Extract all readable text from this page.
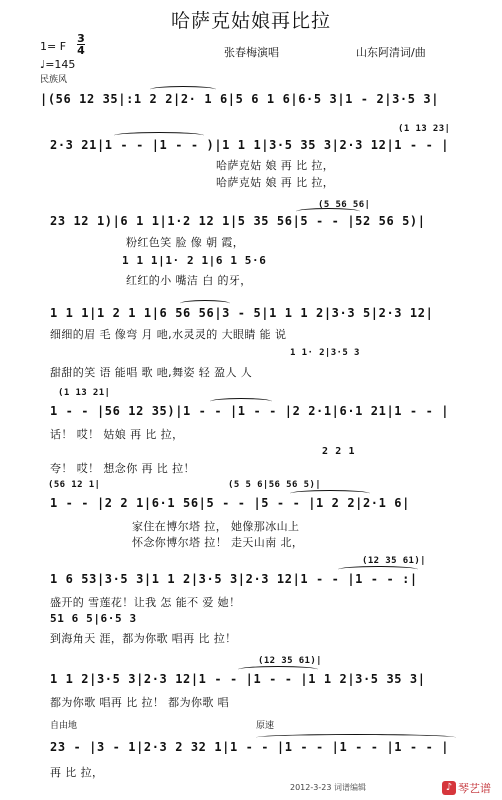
哈萨克姑娘再比拉
1= F
3
4
♩=145
民族风
张春梅演唱	山东阿清词/曲
|(56 12 35|:1 2 2|2· 1 6|5 6 1 6|6·5 3|1 - 2|3·5 3|
(1 13 23|
2·3 21|1 - - |1 - - )|1 1 1|3·5 35 3|2·3 12|1 - - |
哈萨克姑 娘 再 比 拉，
哈萨克姑 娘 再 比 拉，
(5 56 56|
23 12 1)|6 1 1|1·2 12 1|5 35 56|5 - - |52 56 5)|
粉红色笑 脸 像 朝 霞，
1 1 1|1· 2 1|6 1 5·6
红红的小 嘴洁 白 的牙，
1 1 1|1 2 1 1|6 56 56|3 - 5|1 1 1 2|3·3 5|2·3 12|
细细的眉 毛 像弯 月 吔,水灵灵的 大眼睛 能 说
1 1· 2|3·5 3
甜甜的笑 语 能唱 歌 吔,舞姿 轻 盈人 人
(1 13 21|
1 - - |56 12 35)|1 - - |1 - - |2 2·1|6·1 21|1 - - |
话！ 哎！ 姑娘 再 比 拉，
2 2 1
夸！ 哎！ 想念你 再 比 拉！
(56 12 1|	(5 5 6|56 56 5)|
1 - - |2 2 1|6·1 56|5 - - |5 - - |1 2 2|2·1 6|
家住在博尔塔 拉， 她像那冰山上
怀念你博尔塔 拉！ 走天山南 北，
(12 35 61)|
1 6 53|3·5 3|1 1 2|3·5 3|2·3 12|1 - - |1 - - :|
盛开的 雪莲花！让我 怎 能不 爱 她！
51 6 5|6·5 3
到海角天 涯，都为你歌 唱再 比 拉！
(12 35 61)|
1 1 2|3·5 3|2·3 12|1 - - |1 - - |1 1 2|3·5 35 3|
都为你歌 唱再 比 拉！ 都为你歌 唱
自由地	原速
23 - |3 - 1|2·3 2 32 1|1 - - |1 - - |1 - - |1 - - |
再 比 拉，
2012-3-23 词谱编辑	♪ 琴艺谱
